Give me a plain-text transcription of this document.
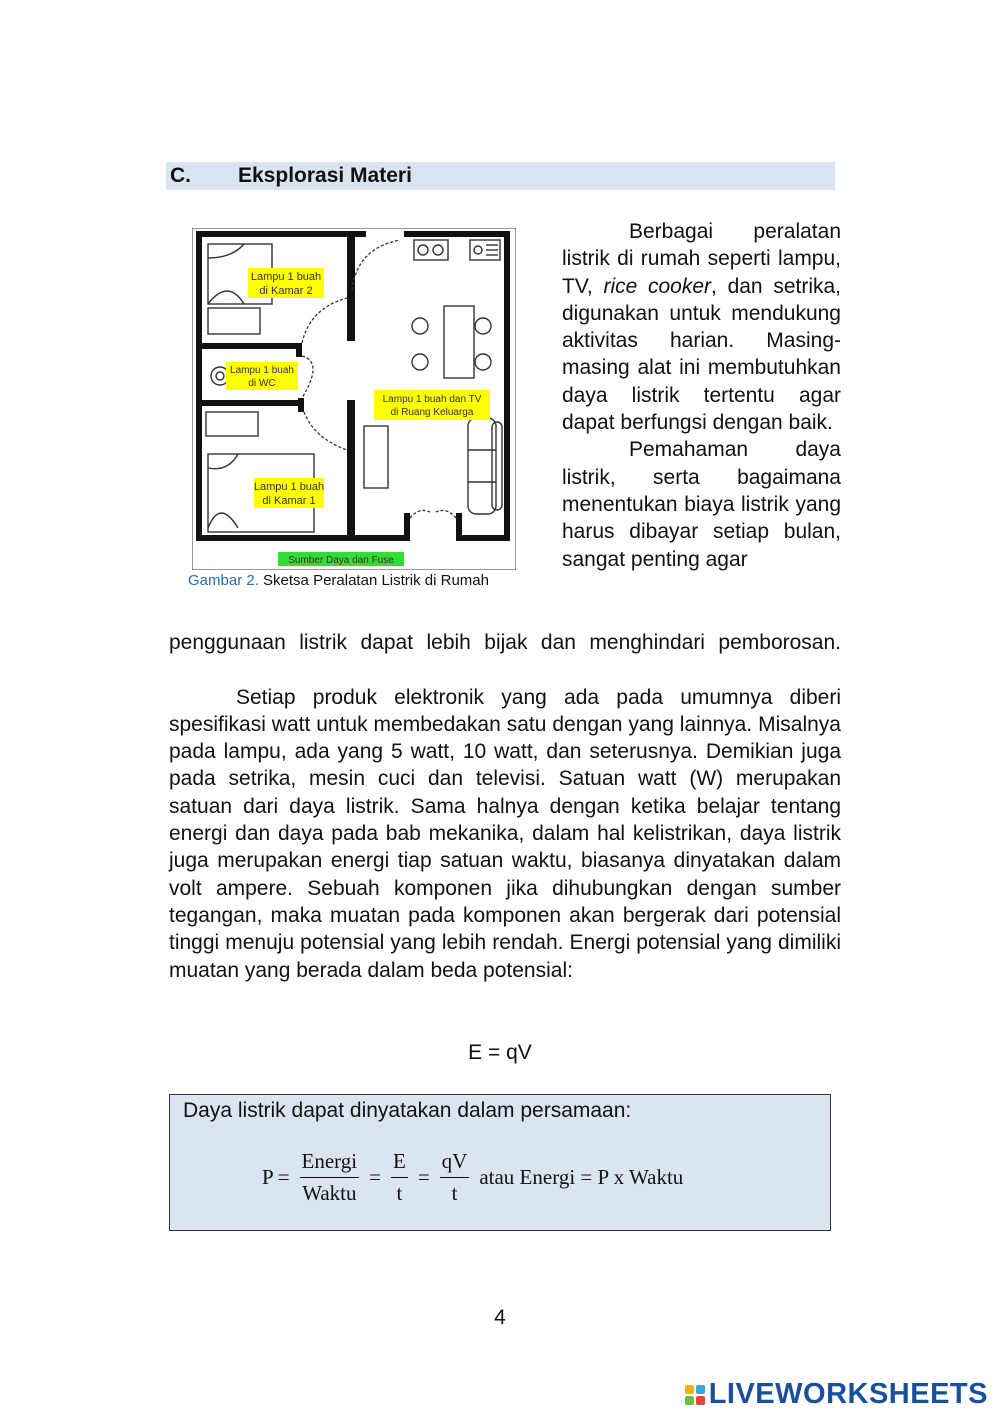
C. Eksplorasi Materi
Lampu 1 buah
di Kamar 2
Lampu 1 buah
di WC
Lampu 1 buah dan TV
di Ruang Keluarga
Lampu 1 buah
di Kamar 1
Sumber Daya dan Fuse
Gambar 2. Sketsa Peralatan Listrik di Rumah

Berbagai peralatan listrik di rumah seperti lampu, TV, rice cooker, dan setrika, digunakan untuk mendukung aktivitas harian. Masing-masing alat ini membutuhkan daya listrik tertentu agar dapat berfungsi dengan baik.

Pemahaman daya listrik, serta bagaimana menentukan biaya listrik yang harus dibayar setiap bulan, sangat penting agar

penggunaan listrik dapat lebih bijak dan menghindari pemborosan.

Setiap produk elektronik yang ada pada umumnya diberi spesifikasi watt untuk membedakan satu dengan yang lainnya. Misalnya pada lampu, ada yang 5 watt, 10 watt, dan seterusnya. Demikian juga pada setrika, mesin cuci dan televisi. Satuan watt (W) merupakan satuan dari daya listrik. Sama halnya dengan ketika belajar tentang energi dan daya pada bab mekanika, dalam hal kelistrikan, daya listrik juga merupakan energi tiap satuan waktu, biasanya dinyatakan dalam volt ampere. Sebuah komponen jika dihubungkan dengan sumber tegangan, maka muatan pada komponen akan bergerak dari potensial tinggi menuju potensial yang lebih rendah. Energi potensial yang dimiliki muatan yang berada dalam beda potensial:

E = qV
Daya listrik dapat dinyatakan dalam persamaan:
$P = \frac{\text{Energi}}{\text{Waktu}} = \frac{E}{t} = \frac{qV}{t}$ atau Energi = P x Waktu
4
LIVEWORKSHEETS
